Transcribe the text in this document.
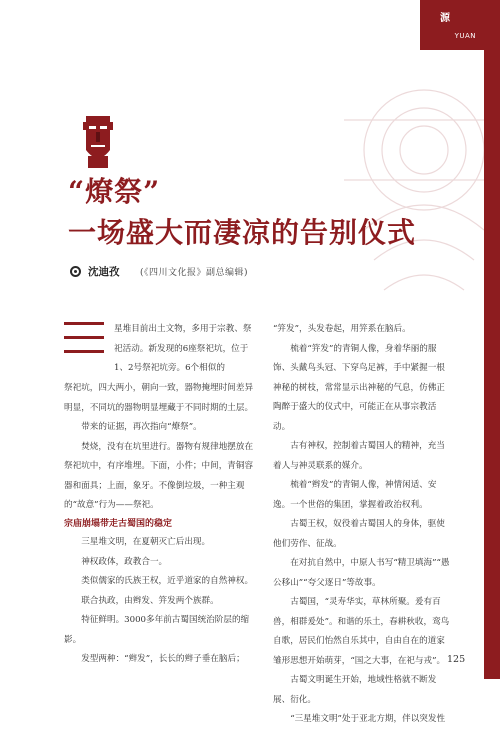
源
YUAN
“燎祭”
一场盛大而凄凉的告别仪式
沈迪孜 (《四川文化报》副总编辑)

星堆目前出土文物，多用于宗教、祭祀活动。新发现的6座祭祀坑，位于1、2号祭祀坑旁。6个相似的

祭祀坑，四大两小，朝向一致，器物掩埋时间差异明显，不同坑的器物明显埋藏于不同时期的土层。

带来的证据，再次指向“燎祭”。

焚烧，没有在坑里进行。器物有规律地摆放在祭祀坑中，有序堆埋。下面，小件；中间，青铜容器和面具；上面，象牙。不像倒垃圾，一种主观的“故意”行为——祭祀。

宗庙崩塌带走古蜀国的稳定

三星堆文明，在夏朝灭亡后出现。

神权政体，政教合一。

类似儒家的氏族王权，近乎道家的自然神权。

联合执政，由辫发、笄发两个族群。

特征鲜明。3000多年前古蜀国统治阶层的缩影。

发型两种：“辫发”，长长的辫子垂在脑后；

“笄发”，头发卷起，用笄系在脑后。

梳着“笄发”的青铜人像，身着华丽的服饰、头戴鸟头冠、下穿鸟足裤，手中紧握一根神秘的树枝，常常显示出神秘的气息，仿佛正陶醉于盛大的仪式中，可能正在从事宗教活动。

古有神权，控制着古蜀国人的精神，充当着人与神灵联系的媒介。

梳着“辫发”的青铜人像，神情闲适、安逸。一个世俗的集团，掌握着政治权利。

古蜀王权，奴役着古蜀国人的身体，驱使他们劳作、征战。

在对抗自然中，中原人书写“精卫填海”“愚公移山”“夸父逐日”等故事。

古蜀国，“灵寿华实，草林所聚。爰有百兽，相群爰处”。和谐的乐土，春耕秋收，鸾鸟自歌，居民们怡然自乐其中，自由自在的道家雏形思想开始萌芽，“国之大事，在祀与戎”。

古蜀文明诞生开始，地域性格就不断发展、衍化。

“三星堆文明”处于亚北方期，伴以突发性

125
